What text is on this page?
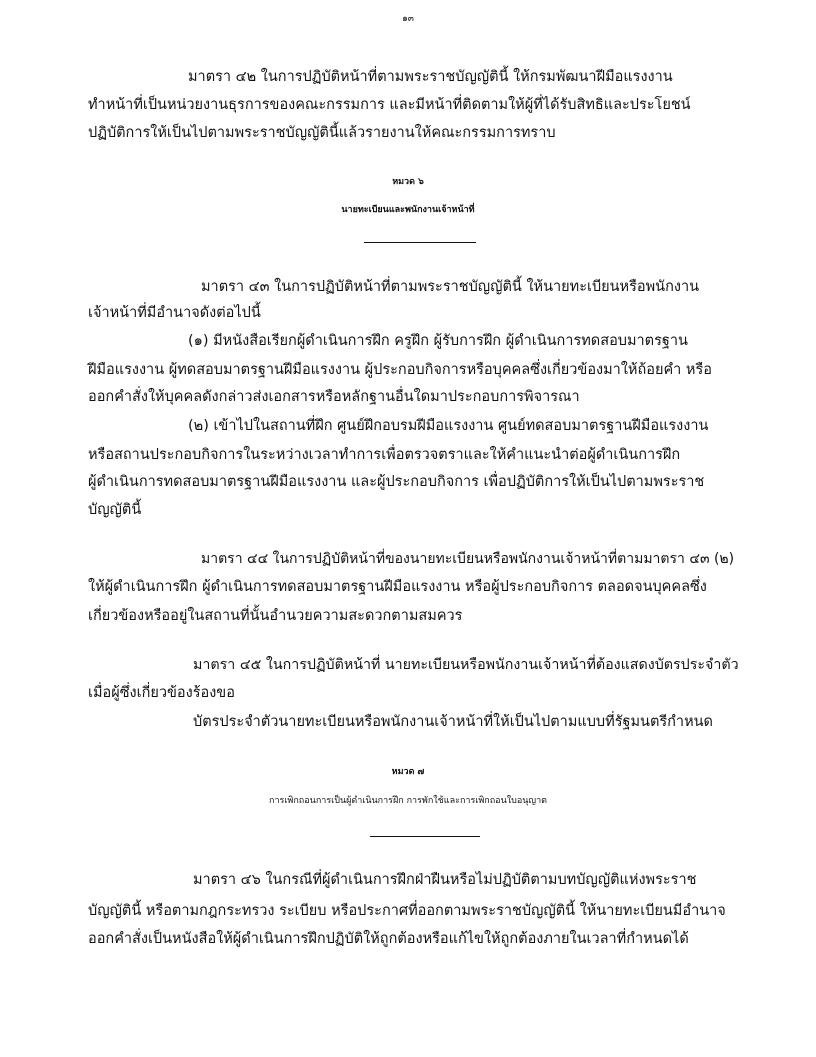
๑๓
มาตรา ๔๒ ในการปฏิบัติหน้าที่ตามพระราชบัญญัตินี้ ให้กรมพัฒนาฝีมือแรงงาน
ทำหน้าที่เป็นหน่วยงานธุรการของคณะกรรมการ และมีหน้าที่ติดตามให้ผู้ที่ได้รับสิทธิและประโยชน์
ปฏิบัติการให้เป็นไปตามพระราชบัญญัตินี้แล้วรายงานให้คณะกรรมการทราบ
หมวด ๖
นายทะเบียนและพนักงานเจ้าหน้าที่
มาตรา ๔๓ ในการปฏิบัติหน้าที่ตามพระราชบัญญัตินี้ ให้นายทะเบียนหรือพนักงาน
เจ้าหน้าที่มีอำนาจดังต่อไปนี้
(๑) มีหนังสือเรียกผู้ดำเนินการฝึก ครูฝึก ผู้รับการฝึก ผู้ดำเนินการทดสอบมาตรฐาน
ฝีมือแรงงาน ผู้ทดสอบมาตรฐานฝีมือแรงงาน ผู้ประกอบกิจการหรือบุคคลซึ่งเกี่ยวข้องมาให้ถ้อยคำ หรือ
ออกคำสั่งให้บุคคลดังกล่าวส่งเอกสารหรือหลักฐานอื่นใดมาประกอบการพิจารณา
(๒) เข้าไปในสถานที่ฝึก ศูนย์ฝึกอบรมฝีมือแรงงาน ศูนย์ทดสอบมาตรฐานฝีมือแรงงาน
หรือสถานประกอบกิจการในระหว่างเวลาทำการเพื่อตรวจตราและให้คำแนะนำต่อผู้ดำเนินการฝึก
ผู้ดำเนินการทดสอบมาตรฐานฝีมือแรงงาน และผู้ประกอบกิจการ เพื่อปฏิบัติการให้เป็นไปตามพระราช
บัญญัตินี้
มาตรา ๔๔ ในการปฏิบัติหน้าที่ของนายทะเบียนหรือพนักงานเจ้าหน้าที่ตามมาตรา ๔๓ (๒)
ให้ผู้ดำเนินการฝึก ผู้ดำเนินการทดสอบมาตรฐานฝีมือแรงงาน หรือผู้ประกอบกิจการ ตลอดจนบุคคลซึ่ง
เกี่ยวข้องหรืออยู่ในสถานที่นั้นอำนวยความสะดวกตามสมควร
มาตรา ๔๕ ในการปฏิบัติหน้าที่ นายทะเบียนหรือพนักงานเจ้าหน้าที่ต้องแสดงบัตรประจำตัว
เมื่อผู้ซึ่งเกี่ยวข้องร้องขอ
บัตรประจำตัวนายทะเบียนหรือพนักงานเจ้าหน้าที่ให้เป็นไปตามแบบที่รัฐมนตรีกำหนด
หมวด ๗
การเพิกถอนการเป็นผู้ดำเนินการฝึก การพักใช้และการเพิกถอนใบอนุญาต
มาตรา ๔๖ ในกรณีที่ผู้ดำเนินการฝึกฝ่าฝืนหรือไม่ปฏิบัติตามบทบัญญัติแห่งพระราช
บัญญัตินี้ หรือตามกฎกระทรวง ระเบียบ หรือประกาศที่ออกตามพระราชบัญญัตินี้ ให้นายทะเบียนมีอำนาจ
ออกคำสั่งเป็นหนังสือให้ผู้ดำเนินการฝึกปฏิบัติให้ถูกต้องหรือแก้ไขให้ถูกต้องภายในเวลาที่กำหนดได้
